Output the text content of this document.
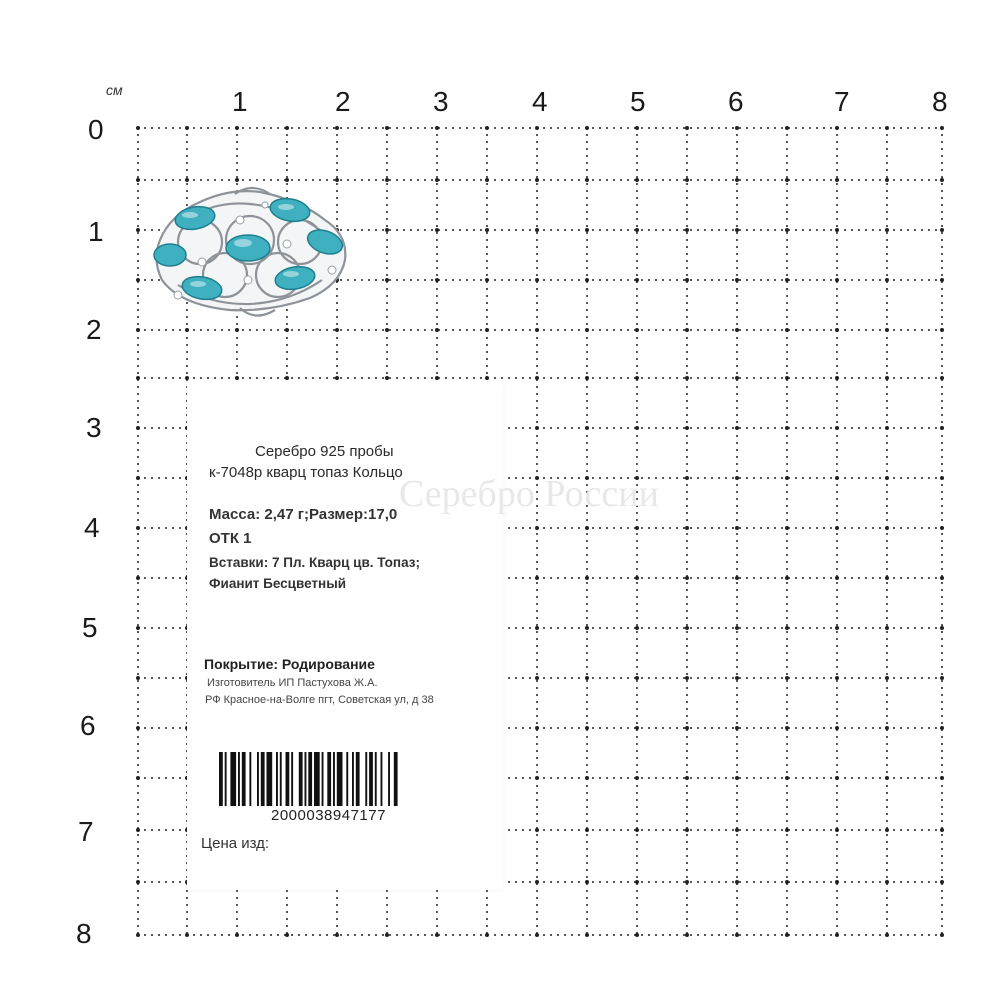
см	1	2	3	4	5	6	7	8
0
1
2
3
4
5
6
7
8
Серебро России
Серебро 925 пробы
к-7048р кварц топаз Кольцо
Масса: 2,47 г;Размер:17,0
ОТК 1
Вставки: 7 Пл. Кварц цв. Топаз;
Фианит Бесцветный
Покрытие: Родирование
Изготовитель ИП Пастухова Ж.А.
РФ Красное-на-Волге пгт, Советская ул, д 38
2000038947177
Цена изд:
